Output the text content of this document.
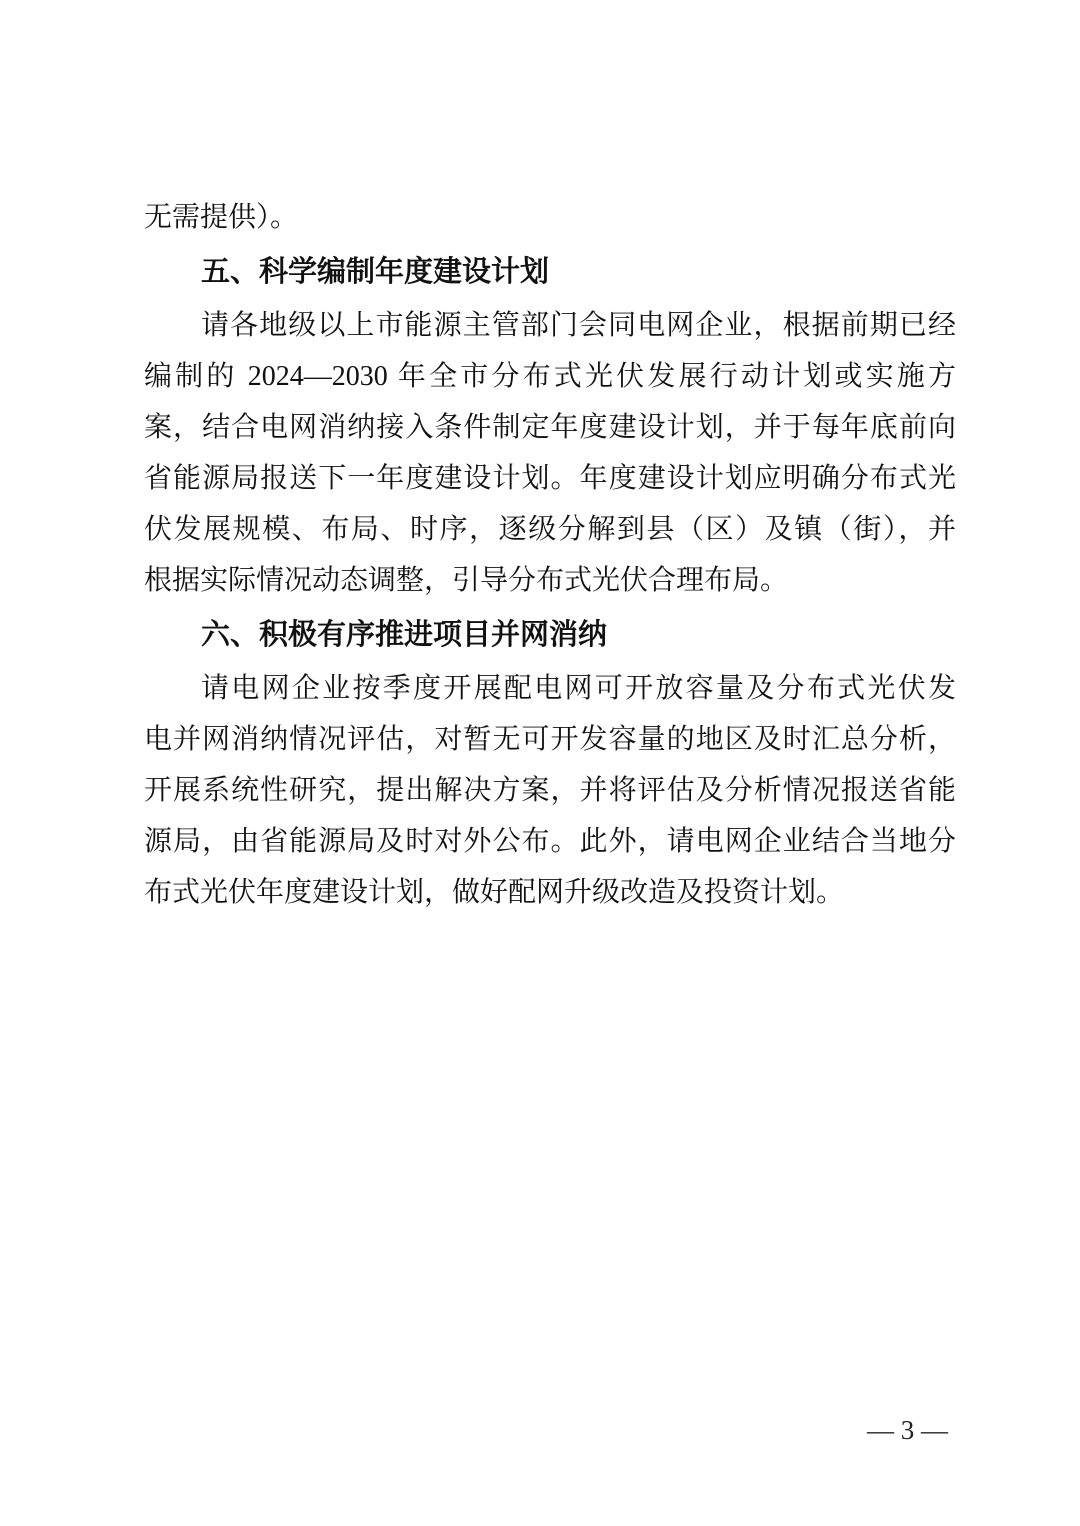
无需提供）。
五、科学编制年度建设计划
请各地级以上市能源主管部门会同电网企业，根据前期已经
编制的 2024—2030 年全市分布式光伏发展行动计划或实施方
案，结合电网消纳接入条件制定年度建设计划，并于每年底前向
省能源局报送下一年度建设计划。年度建设计划应明确分布式光
伏发展规模、布局、时序，逐级分解到县（区）及镇（街），并
根据实际情况动态调整，引导分布式光伏合理布局。
六、积极有序推进项目并网消纳
请电网企业按季度开展配电网可开放容量及分布式光伏发
电并网消纳情况评估，对暂无可开发容量的地区及时汇总分析，
开展系统性研究，提出解决方案，并将评估及分析情况报送省能
源局，由省能源局及时对外公布。此外，请电网企业结合当地分
布式光伏年度建设计划，做好配网升级改造及投资计划。
— 3 —
